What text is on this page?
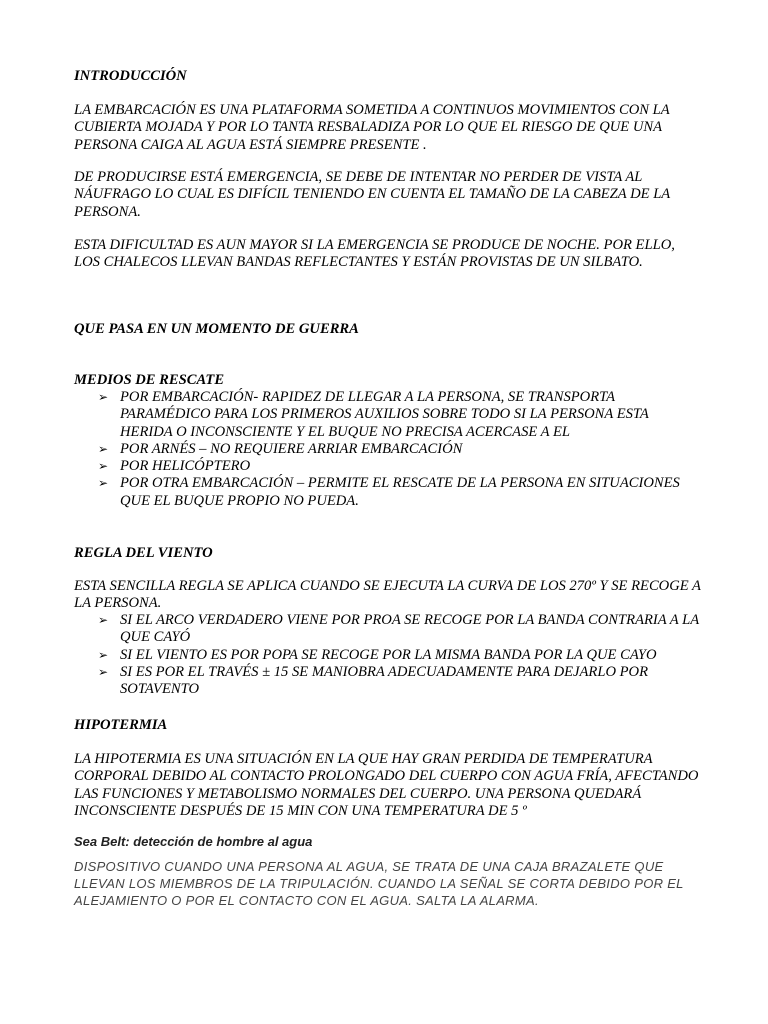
INTRODUCCIÓN
LA EMBARCACIÓN ES UNA PLATAFORMA SOMETIDA A CONTINUOS MOVIMIENTOS CON LA CUBIERTA MOJADA Y POR LO TANTA RESBALADIZA POR LO QUE EL RIESGO DE QUE UNA PERSONA CAIGA AL AGUA ESTÁ SIEMPRE PRESENTE .
DE PRODUCIRSE ESTÁ EMERGENCIA, SE DEBE DE INTENTAR NO PERDER DE VISTA AL NÁUFRAGO LO CUAL ES DIFÍCIL TENIENDO EN CUENTA EL TAMAÑO DE LA CABEZA DE LA PERSONA.
ESTA DIFICULTAD ES AUN MAYOR SI LA EMERGENCIA SE PRODUCE DE NOCHE. POR ELLO, LOS CHALECOS LLEVAN BANDAS REFLECTANTES Y ESTÁN PROVISTAS DE UN SILBATO.
QUE PASA EN UN MOMENTO DE GUERRA
MEDIOS DE RESCATE
➢ POR EMBARCACIÓN- RAPIDEZ DE LLEGAR A LA PERSONA, SE TRANSPORTA PARAMÉDICO PARA LOS PRIMEROS AUXILIOS SOBRE TODO SI LA PERSONA ESTA HERIDA O INCONSCIENTE Y EL BUQUE NO PRECISA ACERCASE A EL
➢ POR ARNÉS – NO REQUIERE ARRIAR EMBARCACIÓN
➢ POR HELICÓPTERO
➢ POR OTRA EMBARCACIÓN – PERMITE EL RESCATE DE LA PERSONA EN SITUACIONES QUE EL BUQUE PROPIO NO PUEDA.
REGLA DEL VIENTO
ESTA SENCILLA REGLA SE APLICA CUANDO SE EJECUTA LA CURVA DE LOS 270º Y SE RECOGE A LA PERSONA.
➢ SI EL ARCO VERDADERO VIENE POR PROA SE RECOGE POR LA BANDA CONTRARIA A LA QUE CAYÓ
➢ SI EL VIENTO ES POR POPA SE RECOGE POR LA MISMA BANDA POR LA QUE CAYO
➢ SI ES POR EL TRAVÉS ± 15 SE MANIOBRA ADECUADAMENTE PARA DEJARLO POR SOTAVENTO
HIPOTERMIA
LA HIPOTERMIA ES UNA SITUACIÓN EN LA QUE HAY GRAN PERDIDA DE TEMPERATURA CORPORAL DEBIDO AL CONTACTO PROLONGADO DEL CUERPO CON AGUA FRÍA, AFECTANDO LAS FUNCIONES Y METABOLISMO NORMALES DEL CUERPO. UNA PERSONA QUEDARÁ INCONSCIENTE DESPUÉS DE 15 MIN CON UNA TEMPERATURA DE 5 º
Sea Belt: detección de hombre al agua
DISPOSITIVO CUANDO UNA PERSONA AL AGUA, SE TRATA DE UNA CAJA BRAZALETE QUE LLEVAN LOS MIEMBROS DE LA TRIPULACIÓN. CUANDO LA SEÑAL SE CORTA DEBIDO POR EL ALEJAMIENTO O POR EL CONTACTO CON EL AGUA. SALTA LA ALARMA.
